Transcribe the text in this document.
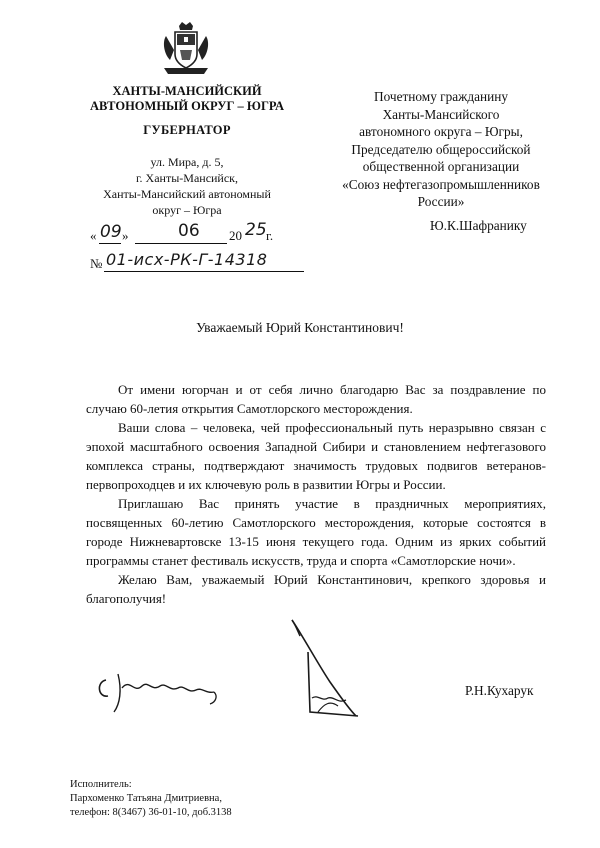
ХАНТЫ-МАНСИЙСКИЙ
АВТОНОМНЫЙ ОКРУГ – ЮГРА
ГУБЕРНАТОР
ул. Мира, д. 5,
г. Ханты-Мансийск,
Ханты-Мансийский автономный
округ – Югра
Почетному гражданину
Ханты-Мансийского
автономного округа – Югры,
Председателю общероссийской
общественной организации
«Союз нефтегазопромышленников
России»
Ю.К.Шафранику
« 09 »	06 20 25 г.
№ 01-исх-РК-Г-14318
Уважаемый Юрий Константинович!

От имени югорчан и от себя лично благодарю Вас за поздравление по случаю 60-летия открытия Самотлорского месторождения.

Ваши слова – человека, чей профессиональный путь неразрывно связан с эпохой масштабного освоения Западной Сибири и становлением нефтегазового комплекса страны, подтверждают значимость трудовых подвигов ветеранов-первопроходцев и их ключевую роль в развитии Югры и России.

Приглашаю Вас принять участие в праздничных мероприятиях, посвященных 60-летию Самотлорского месторождения, которые состоятся в городе Нижневартовске 13-15 июня текущего года. Одним из ярких событий программы станет фестиваль искусств, труда и спорта «Самотлорские ночи».

Желаю Вам, уважаемый Юрий Константинович, крепкого здоровья и благополучия!

Р.Н.Кухарук
Исполнитель:
Пархоменко Татьяна Дмитриевна,
телефон: 8(3467) 36-01-10, доб.3138
